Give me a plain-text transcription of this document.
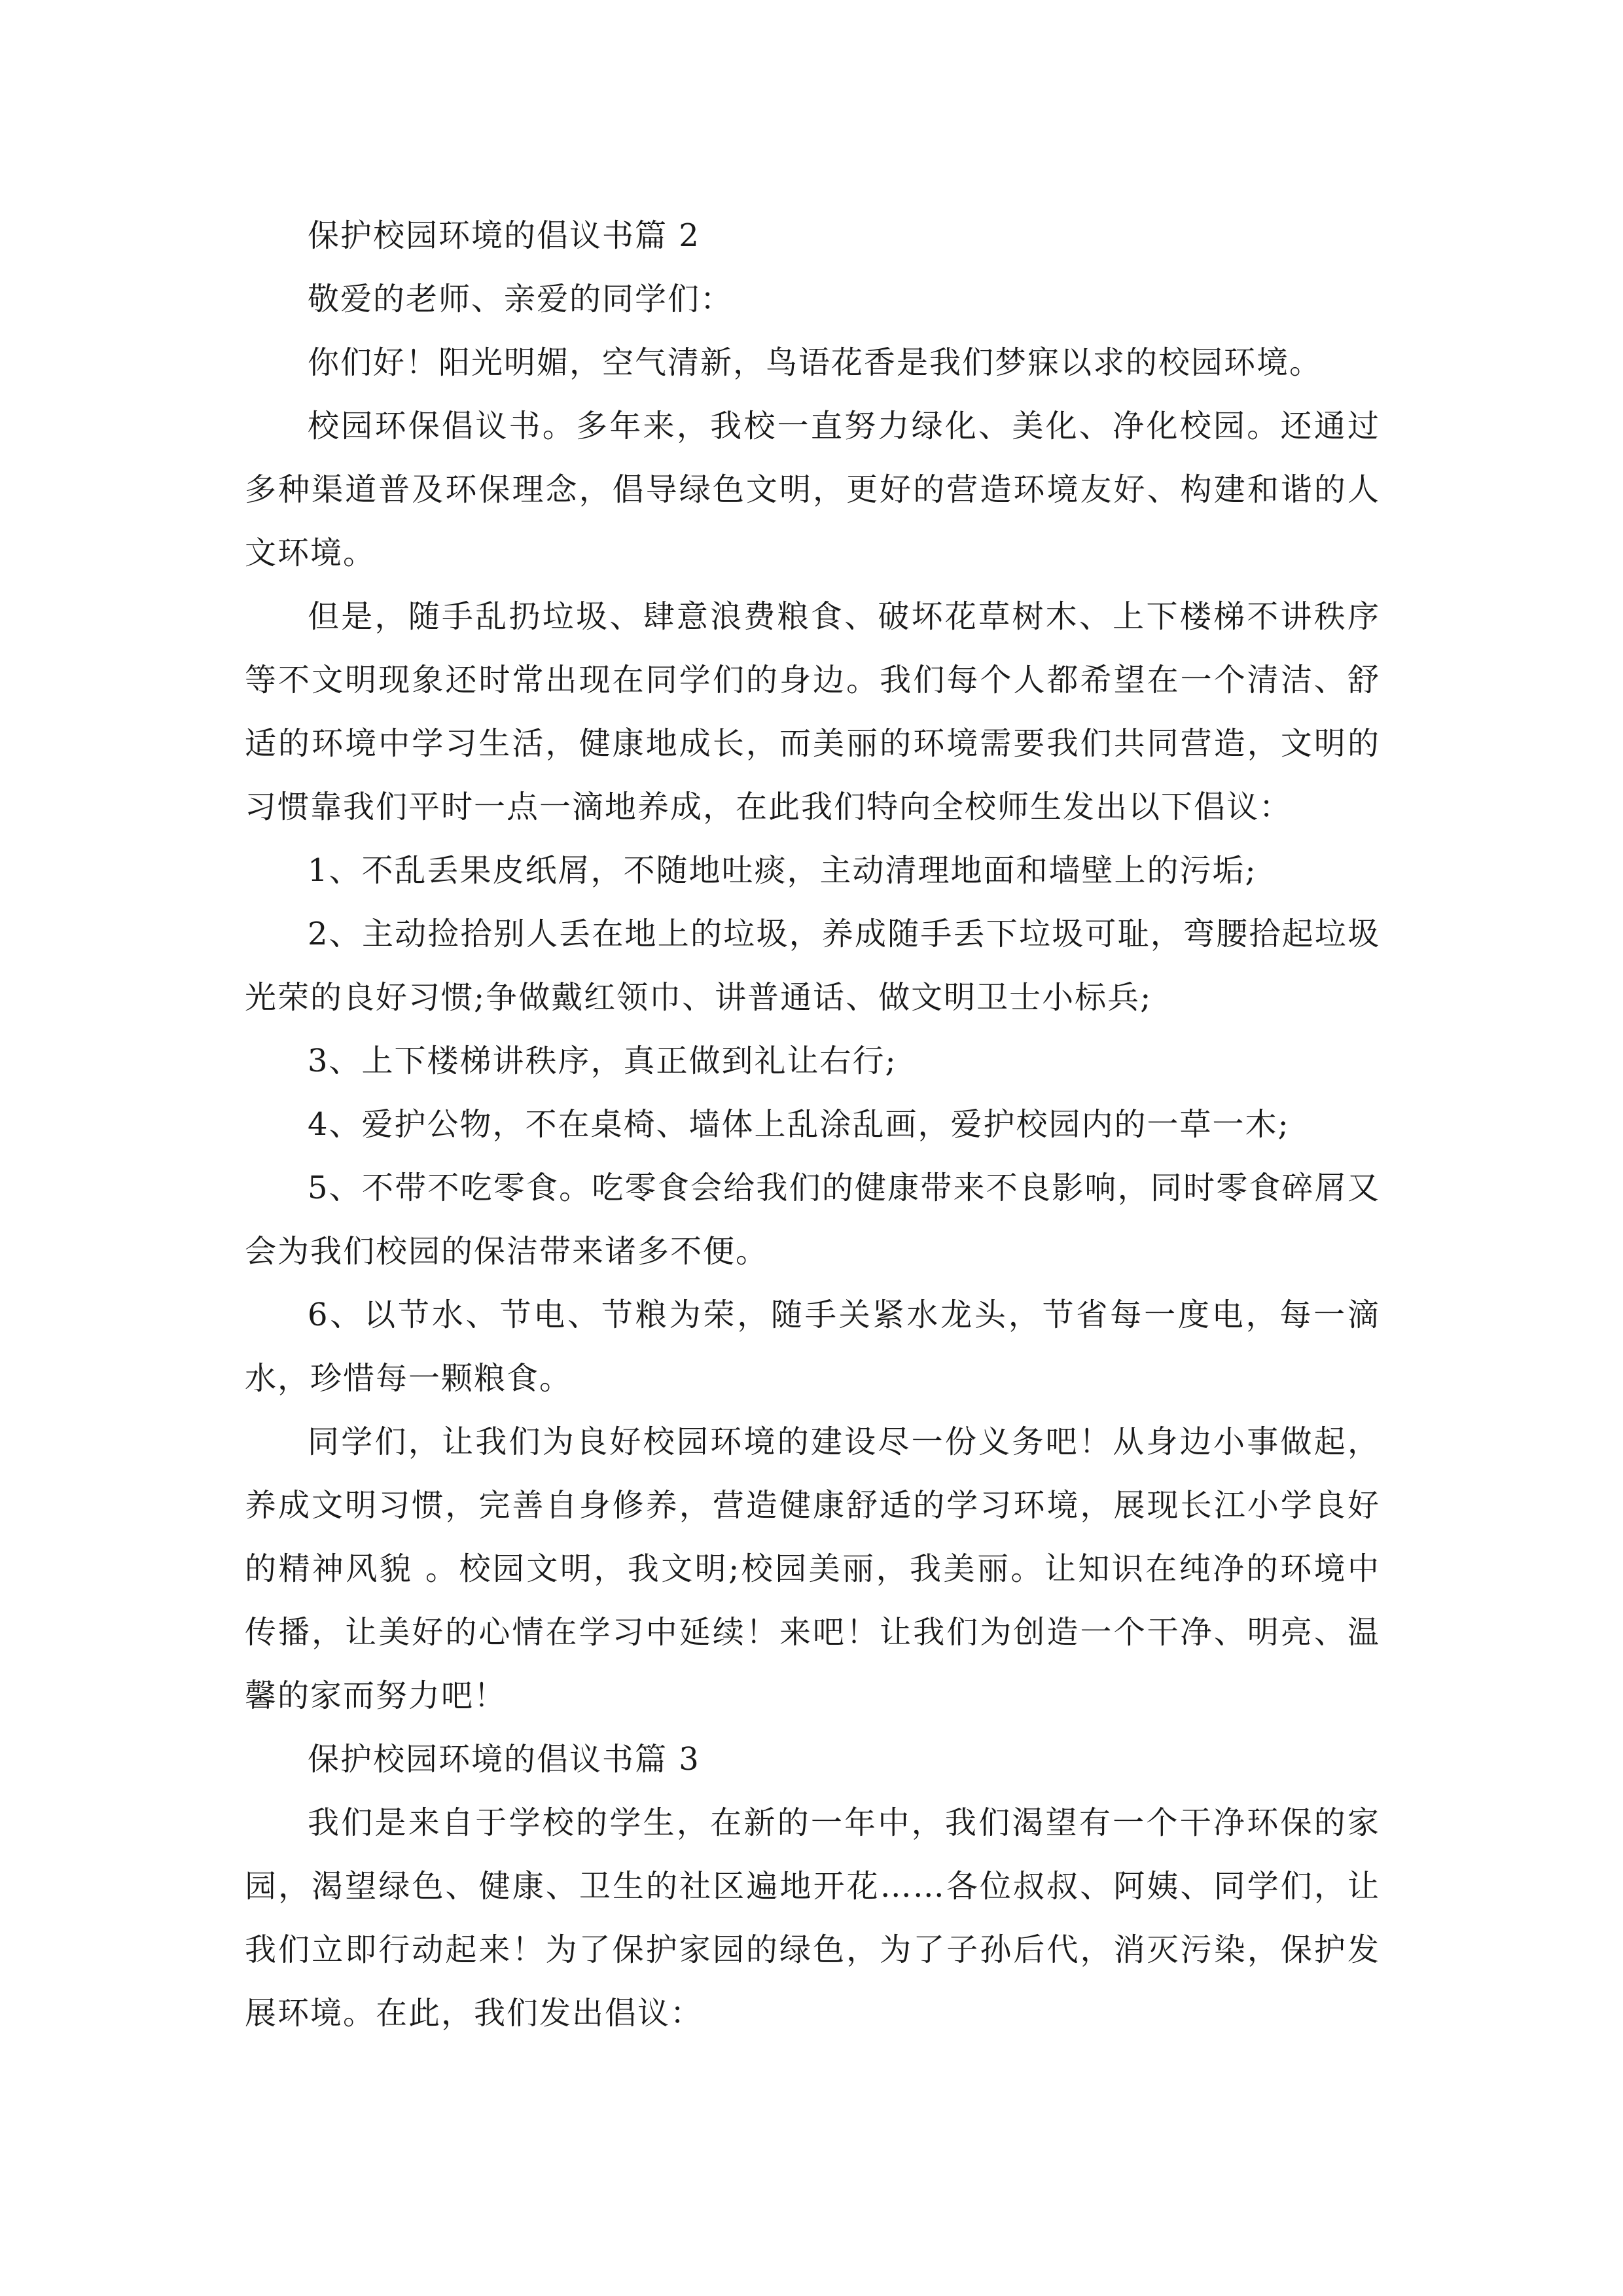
保护校园环境的倡议书篇 2

敬爱的老师、亲爱的同学们：

你们好！阳光明媚，空气清新，鸟语花香是我们梦寐以求的校园环境。

校园环保倡议书。多年来，我校一直努力绿化、美化、净化校园。还通过多种渠道普及环保理念，倡导绿色文明，更好的营造环境友好、构建和谐的人文环境。

但是，随手乱扔垃圾、肆意浪费粮食、破坏花草树木、上下楼梯不讲秩序等不文明现象还时常出现在同学们的身边。我们每个人都希望在一个清洁、舒适的环境中学习生活，健康地成长，而美丽的环境需要我们共同营造，文明的习惯靠我们平时一点一滴地养成，在此我们特向全校师生发出以下倡议：

1、不乱丢果皮纸屑，不随地吐痰，主动清理地面和墙壁上的污垢;

2、主动捡拾别人丢在地上的垃圾，养成随手丢下垃圾可耻，弯腰拾起垃圾光荣的良好习惯;争做戴红领巾、讲普通话、做文明卫士小标兵;

3、上下楼梯讲秩序，真正做到礼让右行;

4、爱护公物，不在桌椅、墙体上乱涂乱画，爱护校园内的一草一木;

5、不带不吃零食。吃零食会给我们的健康带来不良影响，同时零食碎屑又会为我们校园的保洁带来诸多不便。

6、以节水、节电、节粮为荣，随手关紧水龙头，节省每一度电，每一滴水，珍惜每一颗粮食。

同学们，让我们为良好校园环境的建设尽一份义务吧！从身边小事做起，养成文明习惯，完善自身修养，营造健康舒适的学习环境，展现长江小学良好的精神风貌 。校园文明，我文明;校园美丽，我美丽。让知识在纯净的环境中传播，让美好的心情在学习中延续！来吧！让我们为创造一个干净、明亮、温馨的家而努力吧！

保护校园环境的倡议书篇 3

我们是来自于学校的学生，在新的一年中，我们渴望有一个干净环保的家园，渴望绿色、健康、卫生的社区遍地开花……各位叔叔、阿姨、同学们，让我们立即行动起来！为了保护家园的绿色，为了子孙后代，消灭污染，保护发展环境。在此，我们发出倡议：
